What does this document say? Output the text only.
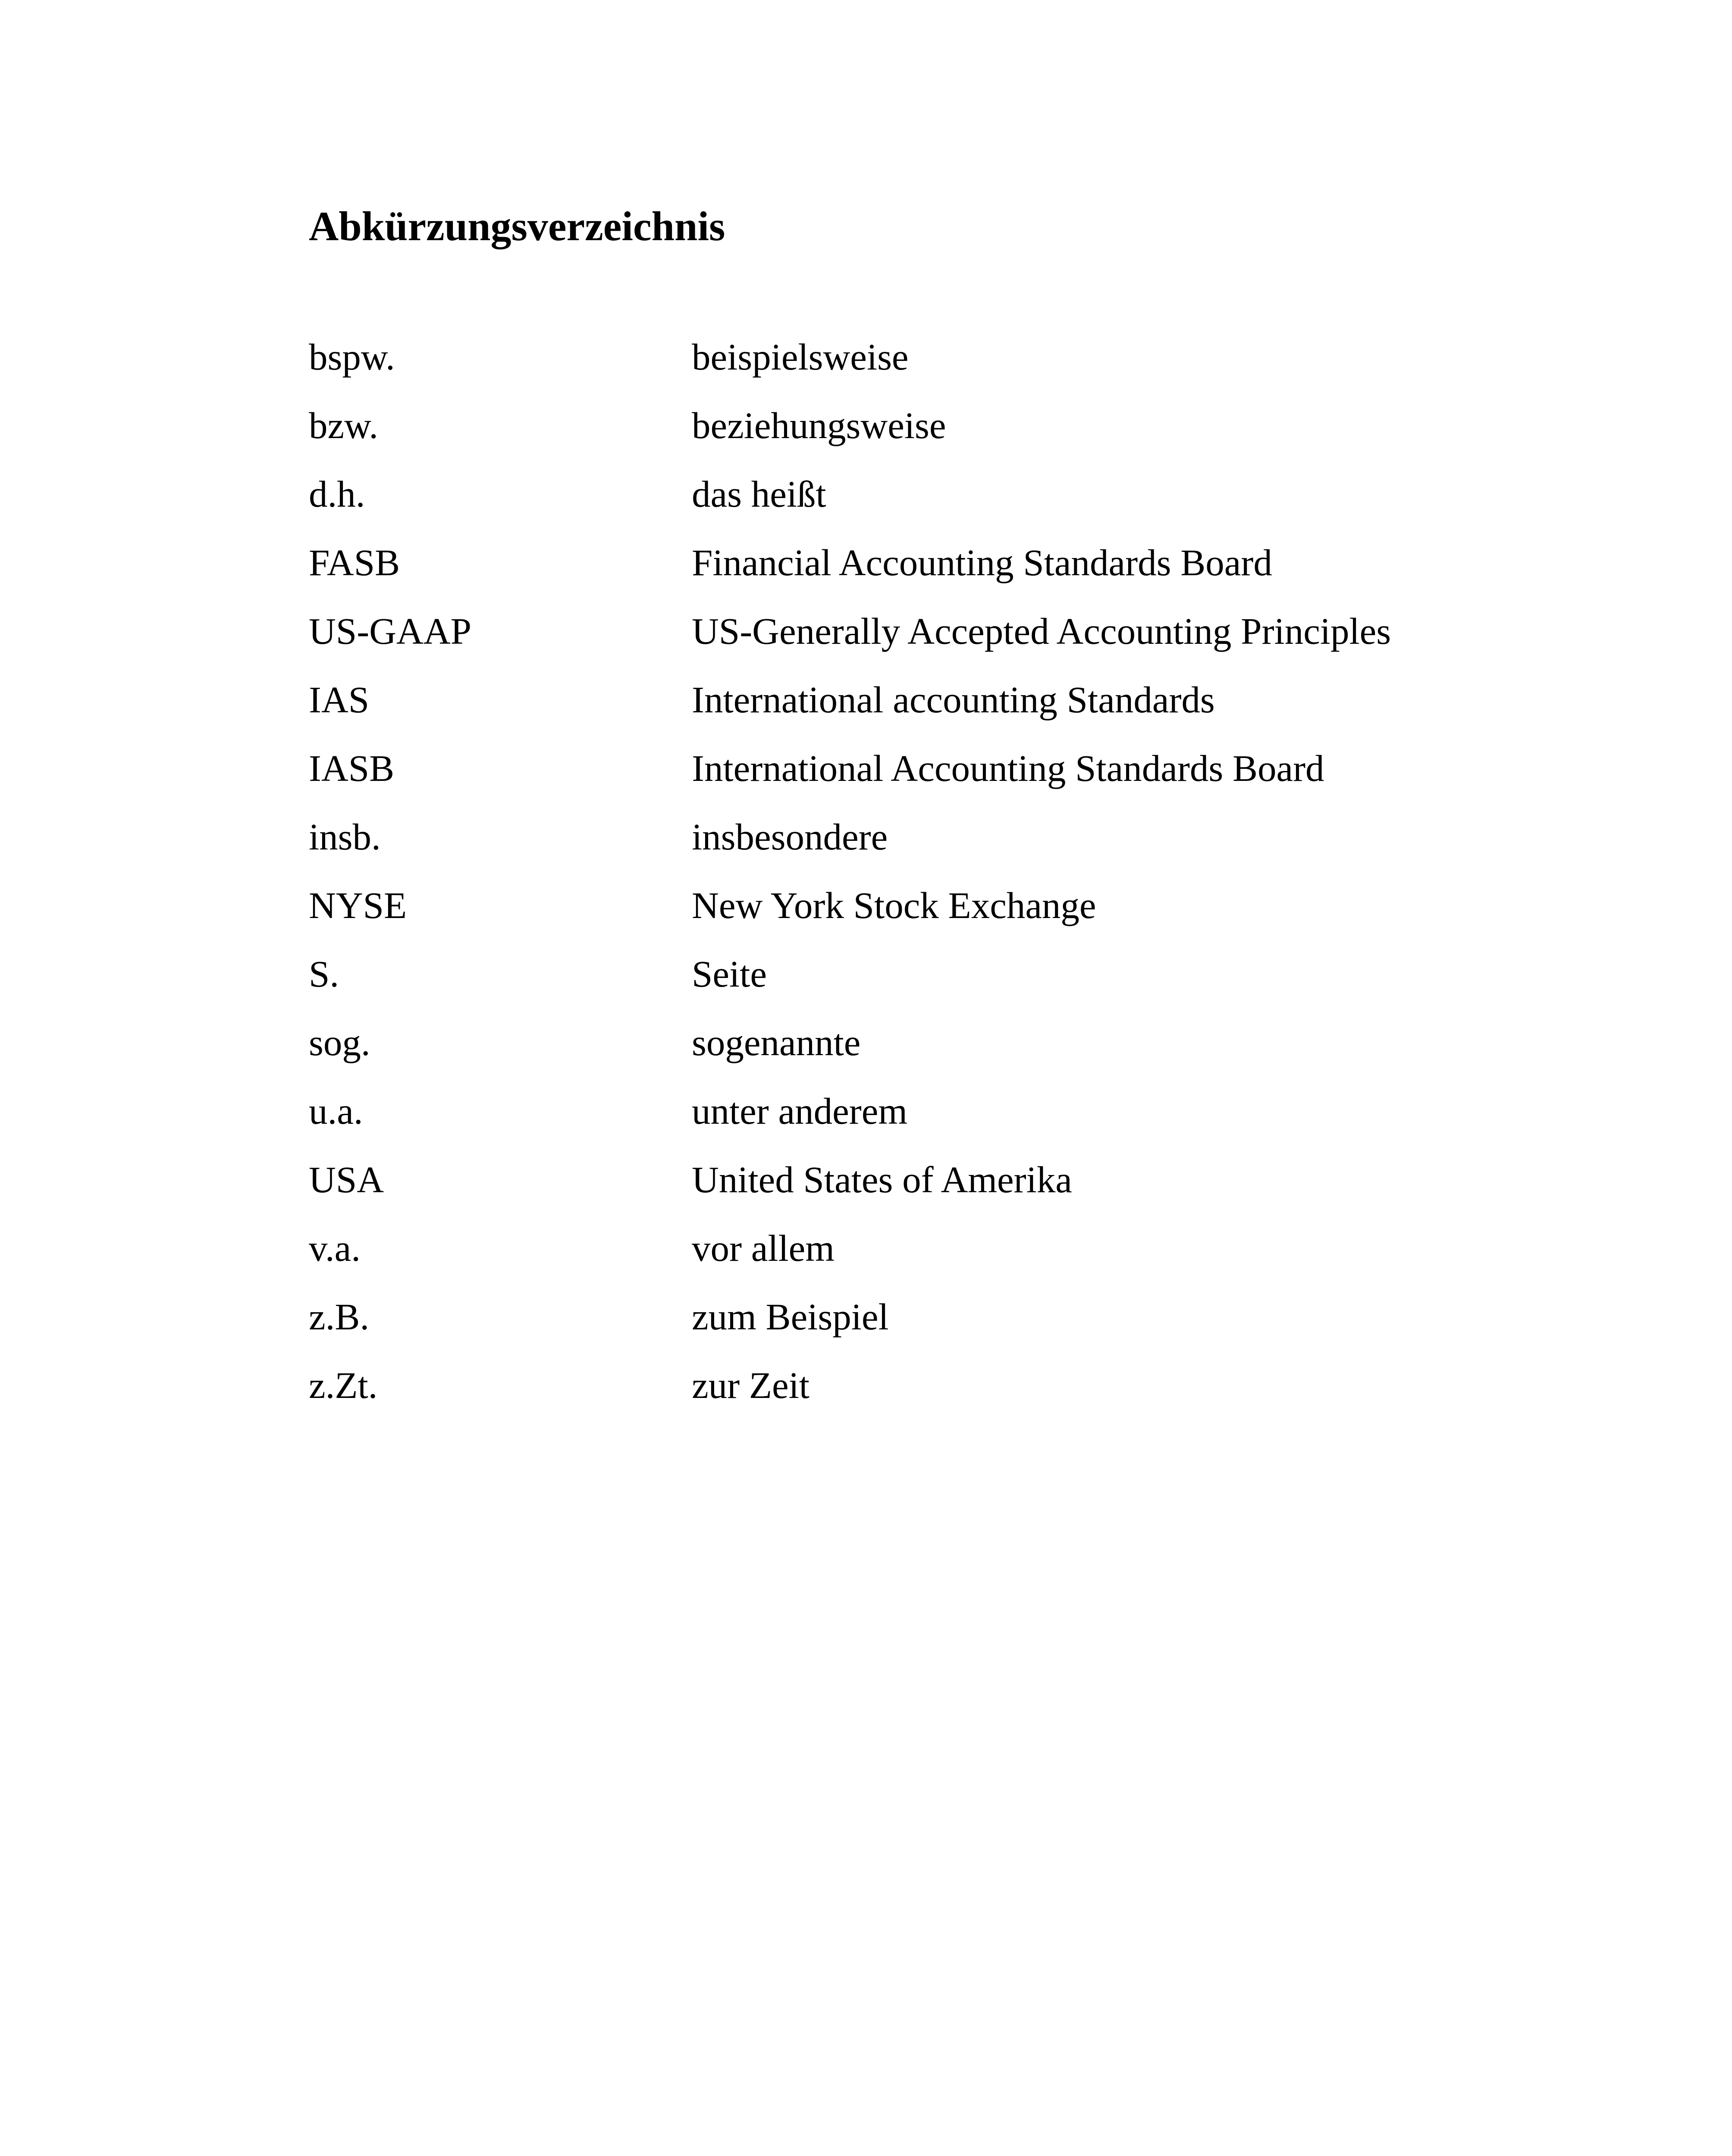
Abkürzungsverzeichnis
bspw.	beispielsweise
bzw.	beziehungsweise
d.h.	das heißt
FASB	Financial Accounting Standards Board
US-GAAP	US-Generally Accepted Accounting Principles
IAS	International accounting Standards
IASB	International Accounting Standards Board
insb.	insbesondere
NYSE	New York Stock Exchange
S.	Seite
sog.	sogenannte
u.a.	unter anderem
USA	United States of Amerika
v.a.	vor allem
z.B.	zum Beispiel
z.Zt.	zur Zeit
